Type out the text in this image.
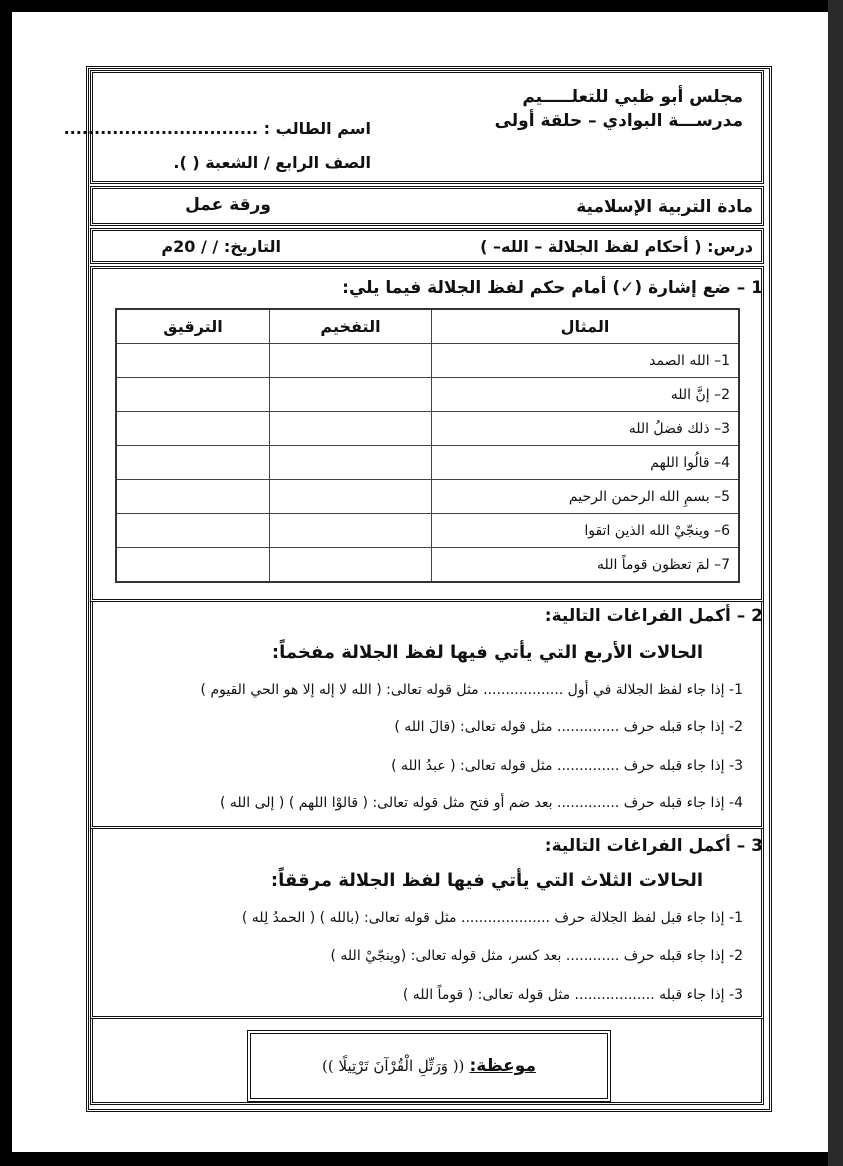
مجلس أبو ظبي للتعلـــــيم
مدرســـة البوادي – حلقة أولى
اسم الطالب : ................................
الصف الرابع / الشعبة ( ).
مادة التربية الإسلامية
ورقة عمل
درس: ( أحكام لفظ الجلالة – الله– )
التاريخ: / / 20م
1 – ضع إشارة (✓) أمام حكم لفظ الجلالة فيما يلي:
المثال	التفخيم	الترقيق
1– الله الصمد		
2– إنَّ الله		
3– ذلك فضلُ الله		
4– قالُوا اللهم		
5– بسمِ الله الرحمن الرحيم		
6– وينجّيْ الله الذين اتقوا		
7– لمَ تعظون قوماً الله		
2 – أكمل الفراغات التالية:
الحالات الأربع التي يأتي فيها لفظ الجلالة مفخماً:
1- إذا جاء لفظ الجلالة في أول .................. مثل قوله تعالى: ( الله لا إله إلا هو الحي القيوم )
2- إذا جاء قبله حرف .............. مثل قوله تعالى: (قالَ الله )
3- إذا جاء قبله حرف .............. مثل قوله تعالى: ( عبدُ الله )
4- إذا جاء قبله حرف .............. بعد ضم أو فتح مثل قوله تعالى: ( قالوْا اللهم ) ( إلى الله )
3 – أكمل الفراغات التالية:
الحالات الثلاث التي يأتي فيها لفظ الجلالة مرققاً:
1- إذا جاء قبل لفظ الجلالة حرف .................... مثل قوله تعالى: (بالله ) ( الحمدُ لِله )
2- إذا جاء قبله حرف ............ بعد كسر، مثل قوله تعالى: (وينجّيْ الله )
3- إذا جاء قبله .................. مثل قوله تعالى: ( قوماً الله )
موعظة: (( وَرَتِّلِ الْقُرْآنَ تَرْتِيلًا ))
